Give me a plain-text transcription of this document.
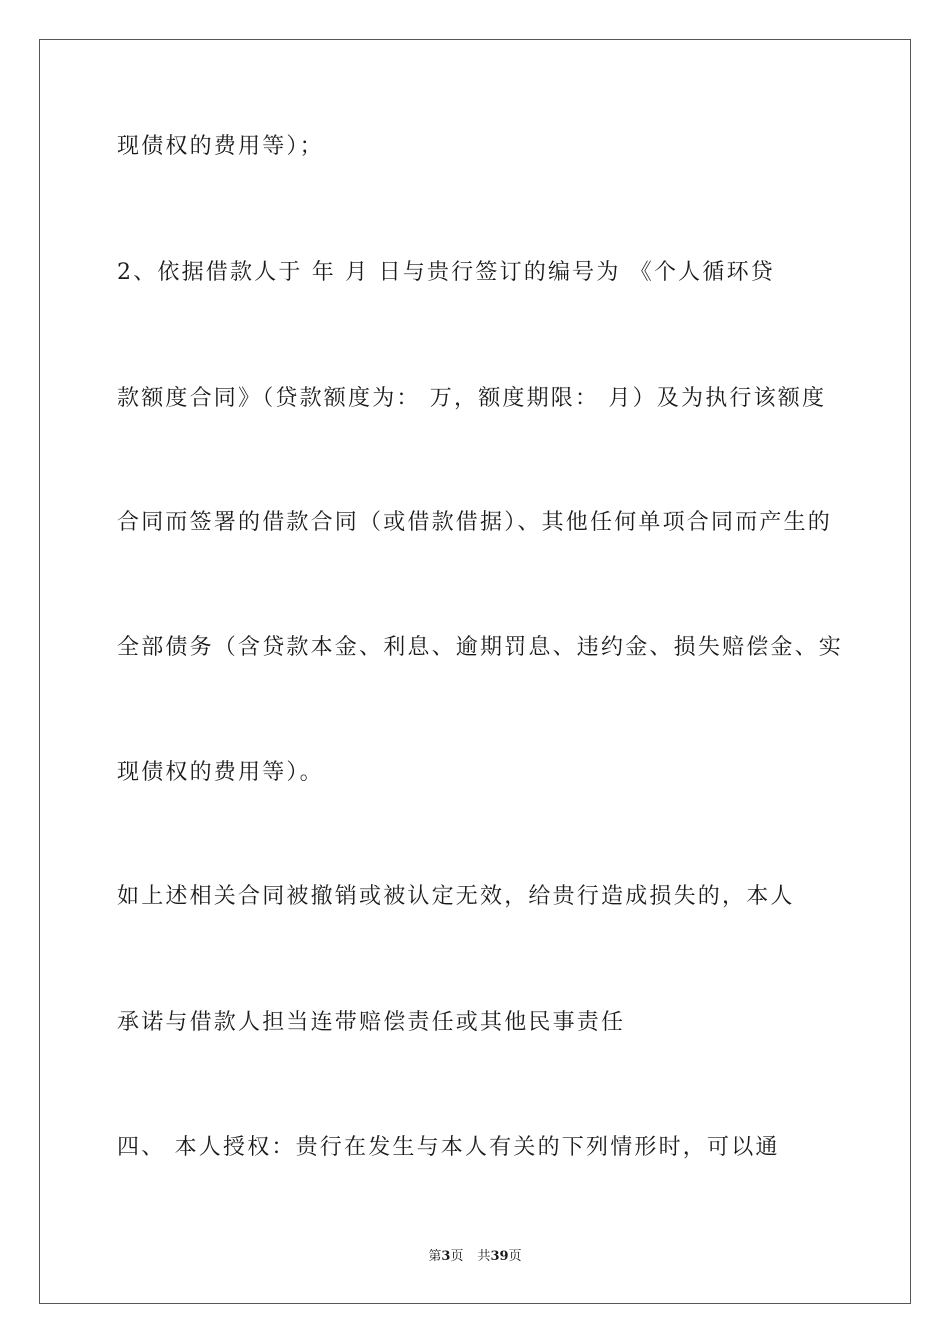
现债权的费用等）；
2、依据借款人于 年 月 日与贵行签订的编号为 《个人循环贷
款额度合同》（贷款额度为： 万，额度期限： 月）及为执行该额度
合同而签署的借款合同（或借款借据）、其他任何单项合同而产生的
全部债务（含贷款本金、利息、逾期罚息、违约金、损失赔偿金、实
现债权的费用等）。
如上述相关合同被撤销或被认定无效，给贵行造成损失的，本人
承诺与借款人担当连带赔偿责任或其他民事责任
四、 本人授权：贵行在发生与本人有关的下列情形时，可以通
第3页 共39页
